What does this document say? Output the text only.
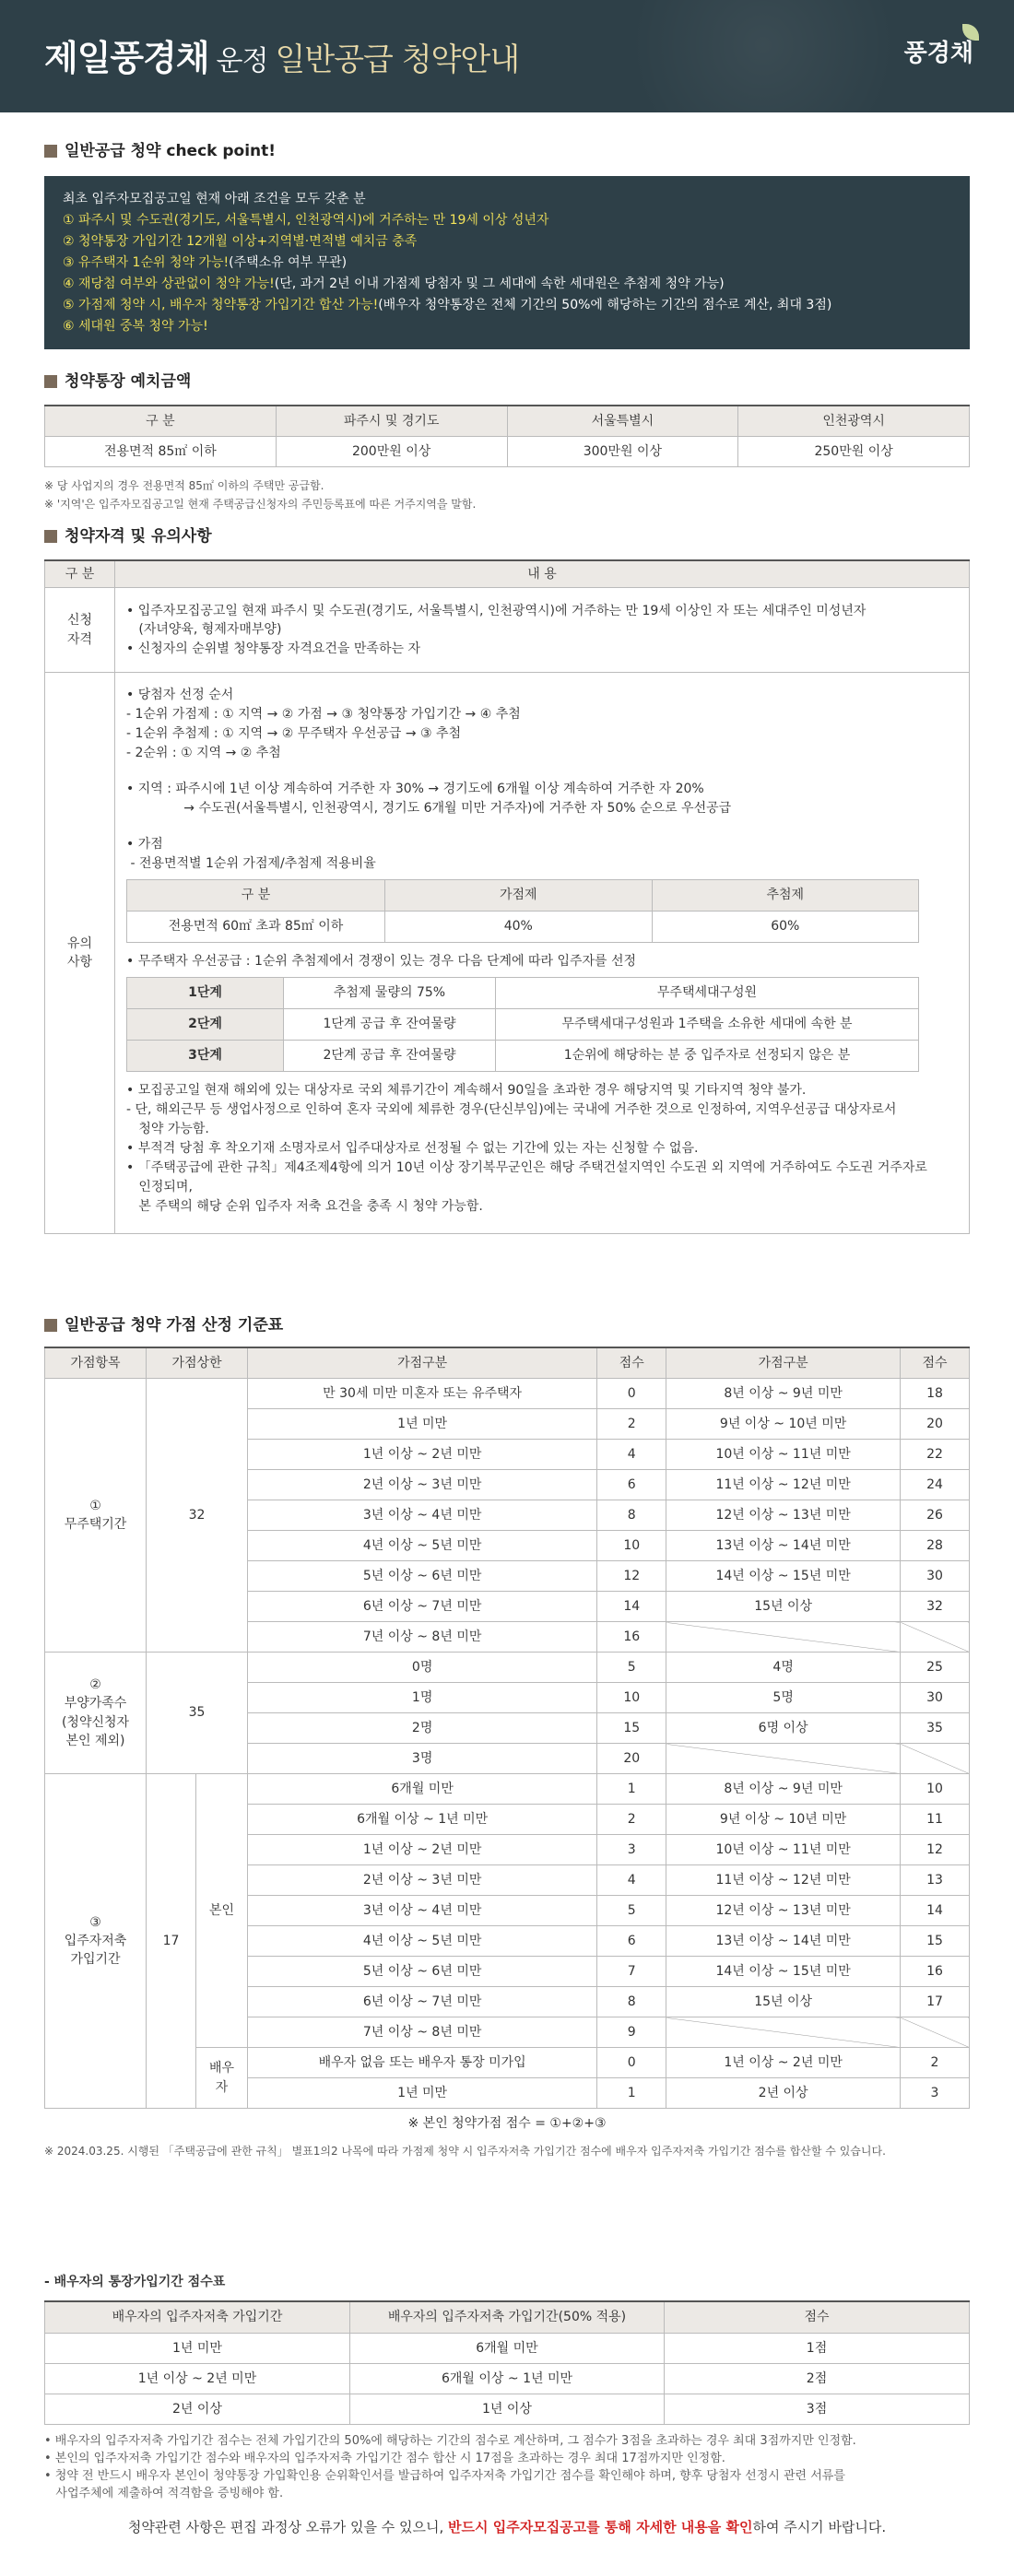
제일풍경채 운정 일반공급 청약안내	풍경채
일반공급 청약 check point!
최초 입주자모집공고일 현재 아래 조건을 모두 갖춘 분
① 파주시 및 수도권(경기도, 서울특별시, 인천광역시)에 거주하는 만 19세 이상 성년자
② 청약통장 가입기간 12개월 이상+지역별·면적별 예치금 충족
③ 유주택자 1순위 청약 가능!(주택소유 여부 무관)
④ 재당첨 여부와 상관없이 청약 가능!(단, 과거 2년 이내 가점제 당첨자 및 그 세대에 속한 세대원은 추첨제 청약 가능)
⑤ 가점제 청약 시, 배우자 청약통장 가입기간 합산 가능!(배우자 청약통장은 전체 기간의 50%에 해당하는 기간의 점수로 계산, 최대 3점)
⑥ 세대원 중복 청약 가능!
청약통장 예치금액
구 분	파주시 및 경기도	서울특별시	인천광역시
전용면적 85㎡ 이하	200만원 이상	300만원 이상	250만원 이상
※ 당 사업지의 경우 전용면적 85㎡ 이하의 주택만 공급함.
※ '지역'은 입주자모집공고일 현재 주택공급신청자의 주민등록표에 따른 거주지역을 말함.
청약자격 및 유의사항
구 분	내 용
신청
자격	
• 입주자모집공고일 현재 파주시 및 수도권(경기도, 서울특별시, 인천광역시)에 거주하는 만 19세 이상인 자 또는 세대주인 미성년자
(자녀양육, 형제자매부양)
• 신청자의 순위별 청약통장 자격요건을 만족하는 자

유의
사항	
• 당첨자 선정 순서
- 1순위 가점제 : ① 지역 → ② 가점 → ③ 청약통장 가입기간 → ④ 추첨
- 1순위 추첨제 : ① 지역 → ② 무주택자 우선공급 → ③ 추첨
- 2순위 : ① 지역 → ② 추첨
• 지역 : 파주시에 1년 이상 계속하여 거주한 자 30% → 경기도에 6개월 이상 계속하여 거주한 자 20%
→ 수도권(서울특별시, 인천광역시, 경기도 6개월 미만 거주자)에 거주한 자 50% 순으로 우선공급
• 가점
- 전용면적별 1순위 가점제/추첨제 적용비율
구 분	가점제	추첨제
전용면적 60㎡ 초과 85㎡ 이하	40%	60%
• 무주택자 우선공급 : 1순위 추첨제에서 경쟁이 있는 경우 다음 단계에 따라 입주자를 선정
1단계	추첨제 물량의 75%	무주택세대구성원
2단계	1단계 공급 후 잔여물량	무주택세대구성원과 1주택을 소유한 세대에 속한 분
3단계	2단계 공급 후 잔여물량	1순위에 해당하는 분 중 입주자로 선정되지 않은 분
• 모집공고일 현재 해외에 있는 대상자로 국외 체류기간이 계속해서 90일을 초과한 경우 해당지역 및 기타지역 청약 불가.
- 단, 해외근무 등 생업사정으로 인하여 혼자 국외에 체류한 경우(단신부임)에는 국내에 거주한 것으로 인정하여, 지역우선공급 대상자로서
청약 가능함.
• 부적격 당첨 후 착오기재 소명자로서 입주대상자로 선정될 수 없는 기간에 있는 자는 신청할 수 없음.
• 「주택공급에 관한 규칙」제4조제4항에 의거 10년 이상 장기복무군인은 해당 주택건설지역인 수도권 외 지역에 거주하여도 수도권 거주자로
인정되며,
본 주택의 해당 순위 입주자 저축 요건을 충족 시 청약 가능함.
일반공급 청약 가점 산정 기준표
가점항목	가점상한		가점구분	점수	가점구분	점수
①
무주택기간	32		만 30세 미만 미혼자 또는 유주택자	0	8년 이상 ~ 9년 미만	18
			1년 미만	2	9년 이상 ~ 10년 미만	20
			1년 이상 ~ 2년 미만	4	10년 이상 ~ 11년 미만	22
			2년 이상 ~ 3년 미만	6	11년 이상 ~ 12년 미만	24
			3년 이상 ~ 4년 미만	8	12년 이상 ~ 13년 미만	26
			4년 이상 ~ 5년 미만	10	13년 이상 ~ 14년 미만	28
			5년 이상 ~ 6년 미만	12	14년 이상 ~ 15년 미만	30
			6년 이상 ~ 7년 미만	14	15년 이상	32
			7년 이상 ~ 8년 미만	16		
②
부양가족수
(청약신청자
본인 제외)	35		0명	5	4명	25
			1명	10	5명	30
			2명	15	6명 이상	35
			3명	20		
③
입주자저축
가입기간	17	본인	6개월 미만	1	8년 이상 ~ 9년 미만	10
			6개월 이상 ~ 1년 미만	2	9년 이상 ~ 10년 미만	11
			1년 이상 ~ 2년 미만	3	10년 이상 ~ 11년 미만	12
			2년 이상 ~ 3년 미만	4	11년 이상 ~ 12년 미만	13
			3년 이상 ~ 4년 미만	5	12년 이상 ~ 13년 미만	14
			4년 이상 ~ 5년 미만	6	13년 이상 ~ 14년 미만	15
			5년 이상 ~ 6년 미만	7	14년 이상 ~ 15년 미만	16
			6년 이상 ~ 7년 미만	8	15년 이상	17
			7년 이상 ~ 8년 미만	9		
		배우
자	배우자 없음 또는 배우자 통장 미가입	0	1년 이상 ~ 2년 미만	2
			1년 미만	1	2년 이상	3
※ 본인 청약가점 점수 = ①+②+③
※ 2024.03.25. 시행된 「주택공급에 관한 규칙」 별표1의2 나목에 따라 가점제 청약 시 입주자저축 가입기간 점수에 배우자 입주자저축 가입기간 점수를 합산할 수 있습니다.
- 배우자의 통장가입기간 점수표
배우자의 입주자저축 가입기간	배우자의 입주자저축 가입기간(50% 적용)	점수
1년 미만	6개월 미만	1점
1년 이상 ~ 2년 미만	6개월 이상 ~ 1년 미만	2점
2년 이상	1년 이상	3점
• 배우자의 입주자저축 가입기간 점수는 전체 가입기간의 50%에 해당하는 기간의 점수로 계산하며, 그 점수가 3점을 초과하는 경우 최대 3점까지만 인정함.
• 본인의 입주자저축 가입기간 점수와 배우자의 입주자저축 가입기간 점수 합산 시 17점을 초과하는 경우 최대 17점까지만 인정함.
• 청약 전 반드시 배우자 본인이 청약통장 가입확인용 순위확인서를 발급하여 입주자저축 가입기간 점수를 확인해야 하며, 향후 당첨자 선정시 관련 서류를
사업주체에 제출하여 적격함을 증빙해야 함.
청약관련 사항은 편집 과정상 오류가 있을 수 있으니, 반드시 입주자모집공고를 통해 자세한 내용을 확인하여 주시기 바랍니다.
